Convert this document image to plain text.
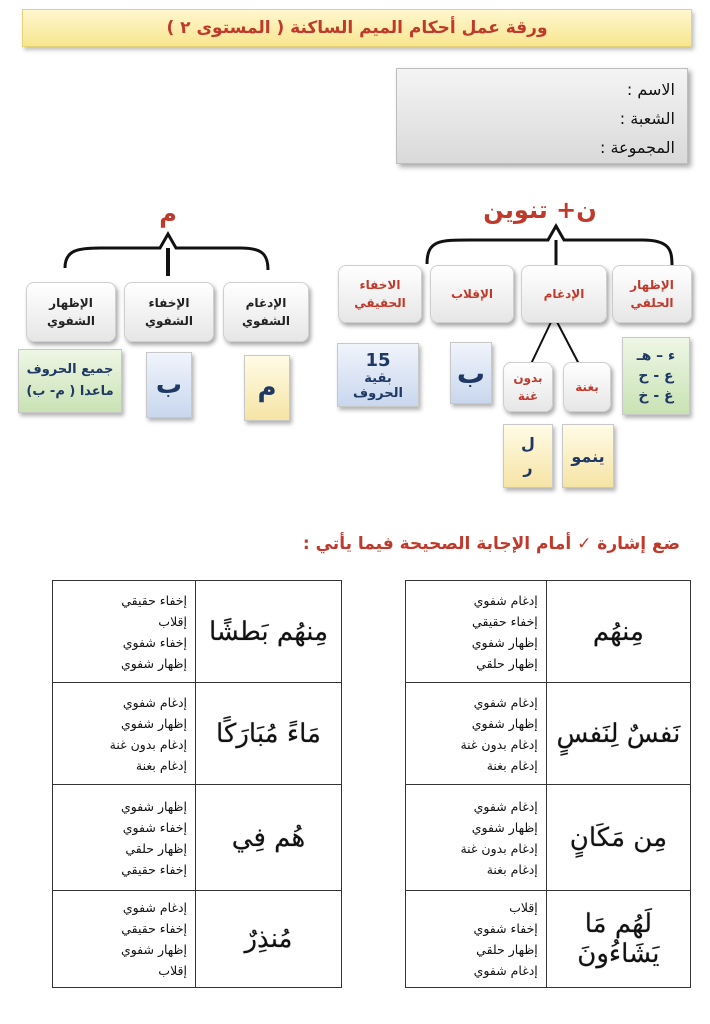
ورقة عمل أحكام الميم الساكنة ( المستوى ٢ )
الاسم :
الشعبة :
المجموعة :
ن+ تنوين
الإظهار الحلقي
الإدغام
الإقلاب
الاخفاء الحقيقي
بغنة
بدون غنة
ء – هـ
ع - ح
غ - خ
ب
15
بقية الحروف
ينمو
ل
ر
م
الإدغام الشفوي
الإخفاء الشفوي
الإظهار الشفوي
م
ب
جميع الحروف
ماعدا ( م- ب)
ضع إشارة ✓ أمام الإجابة الصحيحة فيما يأتي :
إدغام شفوي
إخفاء حقيقي
إظهار شفوي
إظهار حلقي	مِنهُم

إدغام شفوي
إظهار شفوي
إدغام بدون غنة
إدغام بغنة	نَفسٌ لِنَفسٍ

إدغام شفوي
إظهار شفوي
إدغام بدون غنة
إدغام بغنة	مِن مَكَانٍ

إقلاب
إخفاء شفوي
إظهار حلقي
إدغام شفوي	لَهُم مَا يَشَاءُونَ
إخفاء حقيقي
إقلاب
إخفاء شفوي
إظهار شفوي	مِنهُم بَطشًا

إدغام شفوي
إظهار شفوي
إدغام بدون غنة
إدغام بغنة	مَاءً مُبَارَكًا

إظهار شفوي
إخفاء شفوي
إظهار حلقي
إخفاء حقيقي	هُم فِي

إدغام شفوي
إخفاء حقيقي
إظهار شفوي
إقلاب	مُنذِرٌ
